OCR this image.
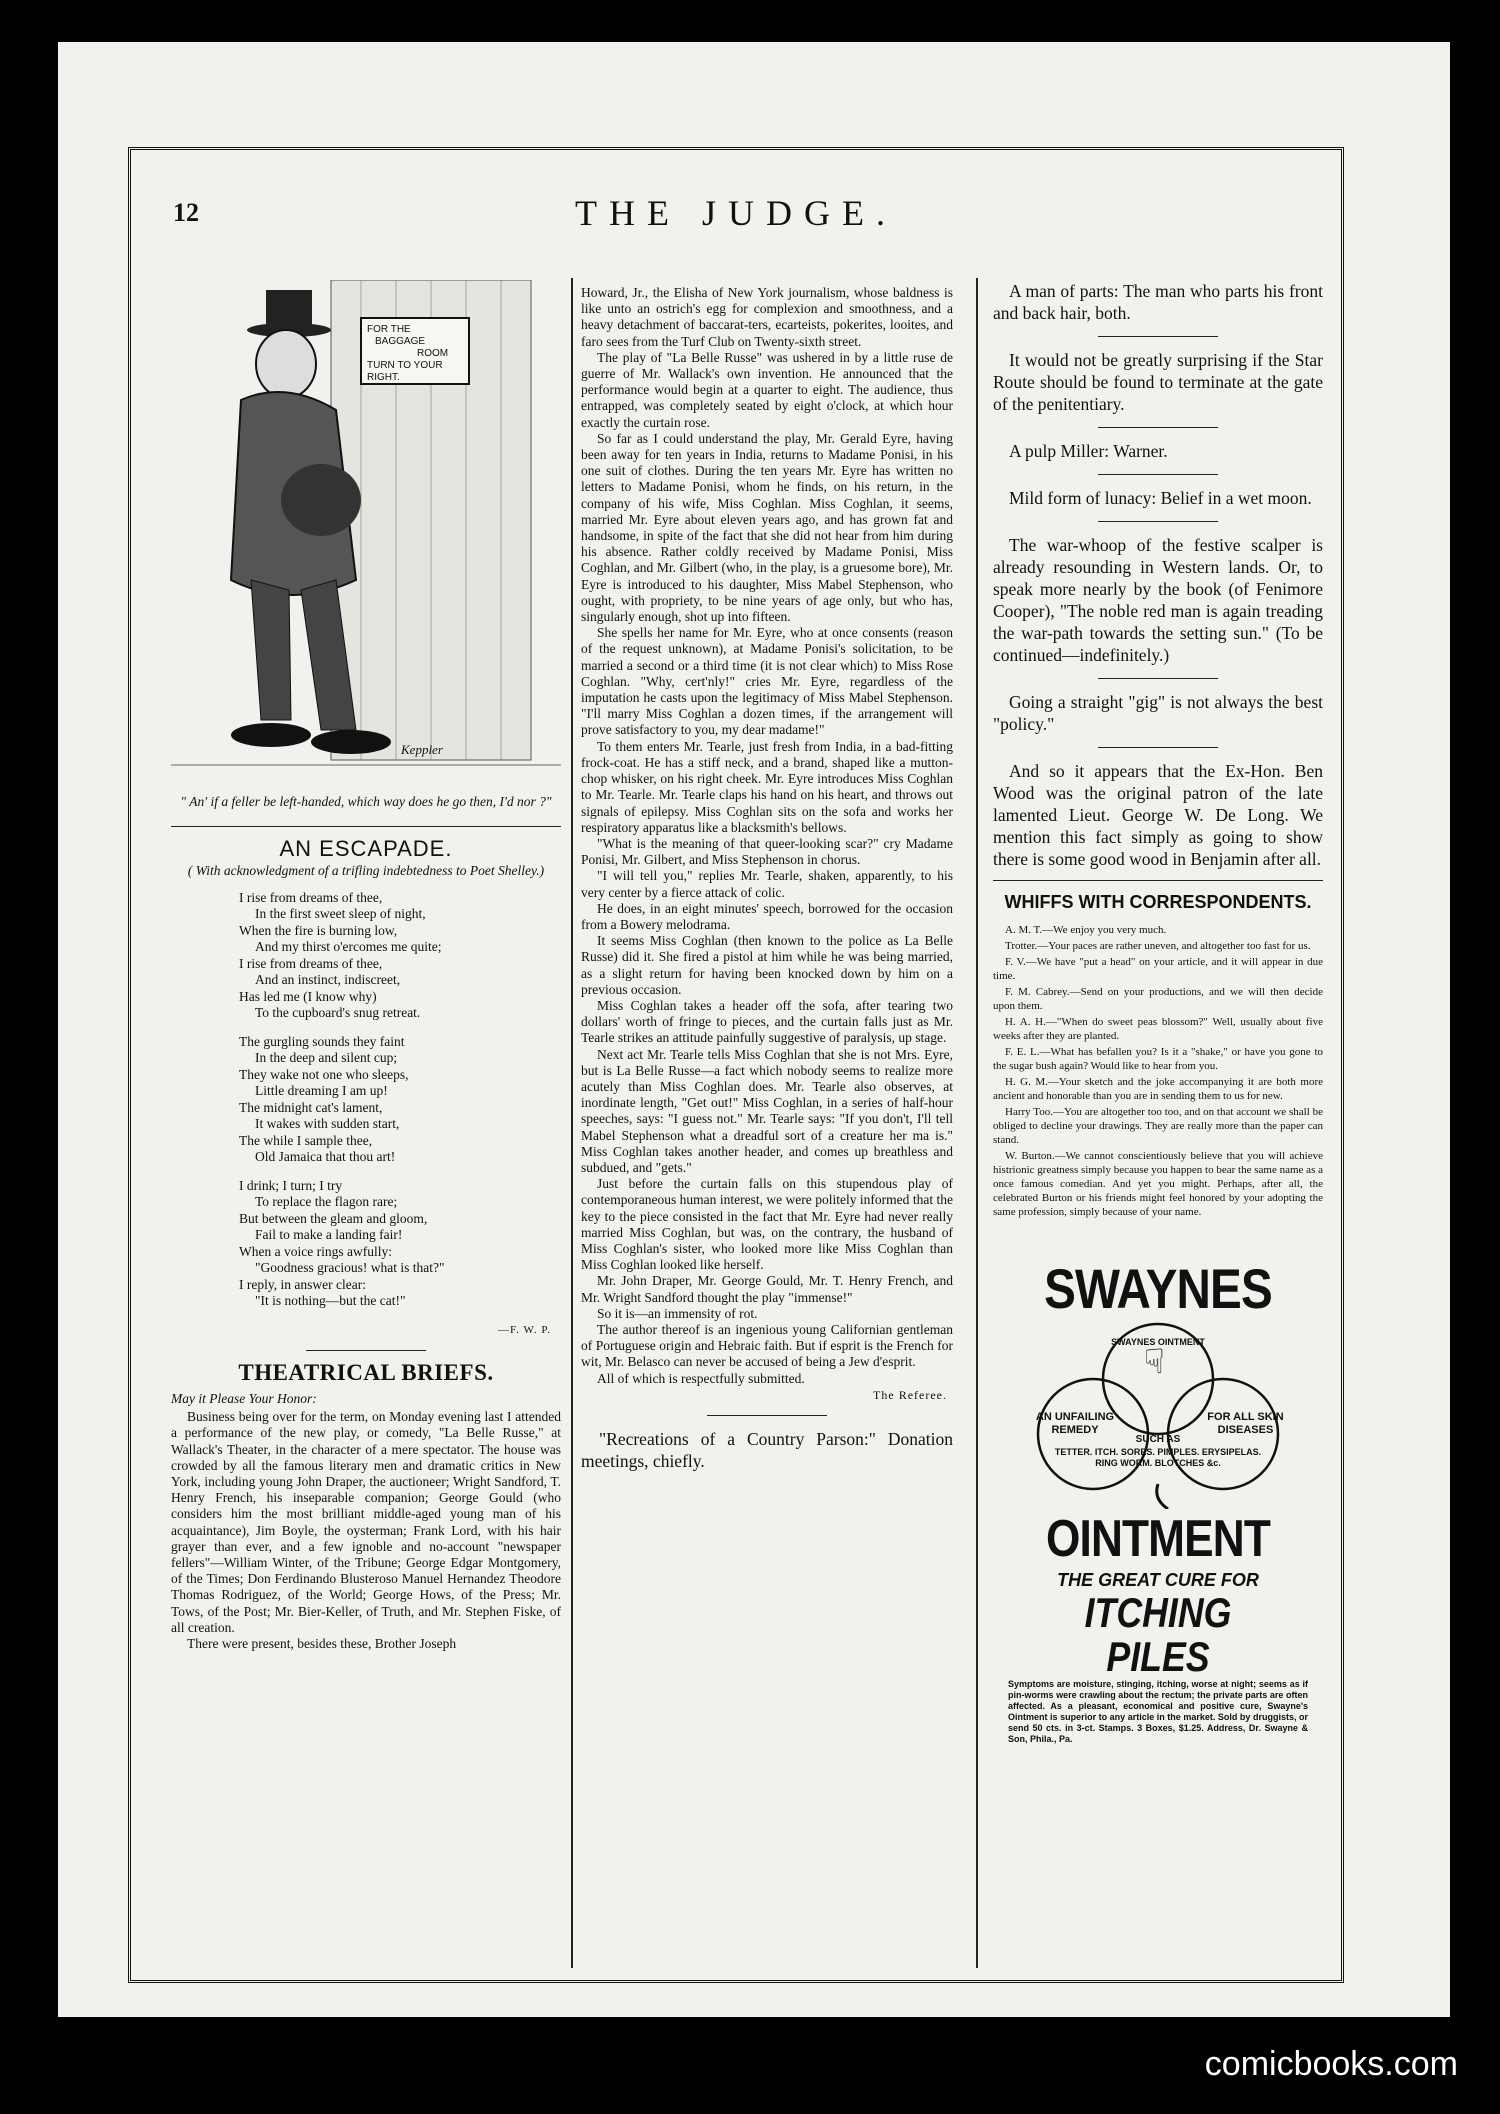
12	THE JUDGE.
FOR THE
BAGGAGE
ROOM
TURN TO YOUR
RIGHT.
Keppler
" An' if a feller be left-handed, which way does he go then, I'd nor ?"
AN ESCAPADE.
( With acknowledgment of a trifling indebtedness to Poet Shelley.)
I rise from dreams of thee,
In the first sweet sleep of night,
When the fire is burning low,
And my thirst o'ercomes me quite;
I rise from dreams of thee,
And an instinct, indiscreet,
Has led me (I know why)
To the cupboard's snug retreat.
The gurgling sounds they faint
In the deep and silent cup;
They wake not one who sleeps,
Little dreaming I am up!
The midnight cat's lament,
It wakes with sudden start,
The while I sample thee,
Old Jamaica that thou art!
I drink; I turn; I try
To replace the flagon rare;
But between the gleam and gloom,
Fail to make a landing fair!
When a voice rings awfully:
"Goodness gracious! what is that?"
I reply, in answer clear:
"It is nothing—but the cat!"
—F. W. P.
THEATRICAL BRIEFS.
May it Please Your Honor:

Business being over for the term, on Monday evening last I attended a performance of the new play, or comedy, "La Belle Russe," at Wallack's Theater, in the character of a mere spectator. The house was crowded by all the famous literary men and dramatic critics in New York, including young John Draper, the auctioneer; Wright Sandford, T. Henry French, his inseparable companion; George Gould (who considers him the most brilliant middle-aged young man of his acquaintance), Jim Boyle, the oysterman; Frank Lord, with his hair grayer than ever, and a few ignoble and no-account "newspaper fellers"—William Winter, of the Tribune; George Edgar Montgomery, of the Times; Don Ferdinando Blusteroso Manuel Hernandez Theodore Thomas Rodriguez, of the World; George Hows, of the Press; Mr. Tows, of the Post; Mr. Bier-Keller, of Truth, and Mr. Stephen Fiske, of all creation.

There were present, besides these, Brother Joseph

Howard, Jr., the Elisha of New York journalism, whose baldness is like unto an ostrich's egg for complexion and smoothness, and a heavy detachment of baccarat-ters, ecarteists, pokerites, looites, and faro sees from the Turf Club on Twenty-sixth street.

The play of "La Belle Russe" was ushered in by a little ruse de guerre of Mr. Wallack's own invention. He announced that the performance would begin at a quarter to eight. The audience, thus entrapped, was completely seated by eight o'clock, at which hour exactly the curtain rose.

So far as I could understand the play, Mr. Gerald Eyre, having been away for ten years in India, returns to Madame Ponisi, in his one suit of clothes. During the ten years Mr. Eyre has written no letters to Madame Ponisi, whom he finds, on his return, in the company of his wife, Miss Coghlan. Miss Coghlan, it seems, married Mr. Eyre about eleven years ago, and has grown fat and handsome, in spite of the fact that she did not hear from him during his absence. Rather coldly received by Madame Ponisi, Miss Coghlan, and Mr. Gilbert (who, in the play, is a gruesome bore), Mr. Eyre is introduced to his daughter, Miss Mabel Stephenson, who ought, with propriety, to be nine years of age only, but who has, singularly enough, shot up into fifteen.

She spells her name for Mr. Eyre, who at once consents (reason of the request unknown), at Madame Ponisi's solicitation, to be married a second or a third time (it is not clear which) to Miss Rose Coghlan. "Why, cert'nly!" cries Mr. Eyre, regardless of the imputation he casts upon the legitimacy of Miss Mabel Stephenson. "I'll marry Miss Coghlan a dozen times, if the arrangement will prove satisfactory to you, my dear madame!"

To them enters Mr. Tearle, just fresh from India, in a bad-fitting frock-coat. He has a stiff neck, and a brand, shaped like a mutton-chop whisker, on his right cheek. Mr. Eyre introduces Miss Coghlan to Mr. Tearle. Mr. Tearle claps his hand on his heart, and throws out signals of epilepsy. Miss Coghlan sits on the sofa and works her respiratory apparatus like a blacksmith's bellows.

"What is the meaning of that queer-looking scar?" cry Madame Ponisi, Mr. Gilbert, and Miss Stephenson in chorus.

"I will tell you," replies Mr. Tearle, shaken, apparently, to his very center by a fierce attack of colic.

He does, in an eight minutes' speech, borrowed for the occasion from a Bowery melodrama.

It seems Miss Coghlan (then known to the police as La Belle Russe) did it. She fired a pistol at him while he was being married, as a slight return for having been knocked down by him on a previous occasion.

Miss Coghlan takes a header off the sofa, after tearing two dollars' worth of fringe to pieces, and the curtain falls just as Mr. Tearle strikes an attitude painfully suggestive of paralysis, up stage.

Next act Mr. Tearle tells Miss Coghlan that she is not Mrs. Eyre, but is La Belle Russe—a fact which nobody seems to realize more acutely than Miss Coghlan does. Mr. Tearle also observes, at inordinate length, "Get out!" Miss Coghlan, in a series of half-hour speeches, says: "I guess not." Mr. Tearle says: "If you don't, I'll tell Mabel Stephenson what a dreadful sort of a creature her ma is." Miss Coghlan takes another header, and comes up breathless and subdued, and "gets."

Just before the curtain falls on this stupendous play of contemporaneous human interest, we were politely informed that the key to the piece consisted in the fact that Mr. Eyre had never really married Miss Coghlan, but was, on the contrary, the husband of Miss Coghlan's sister, who looked more like Miss Coghlan than Miss Coghlan looked like herself.

Mr. John Draper, Mr. George Gould, Mr. T. Henry French, and Mr. Wright Sandford thought the play "immense!"

So it is—an immensity of rot.

The author thereof is an ingenious young Californian gentleman of Portuguese origin and Hebraic faith. But if esprit is the French for wit, Mr. Belasco can never be accused of being a Jew d'esprit.

All of which is respectfully submitted.

The Referee.
"Recreations of a Country Parson:" Donation meetings, chiefly.

A man of parts: The man who parts his front and back hair, both.

It would not be greatly surprising if the Star Route should be found to terminate at the gate of the penitentiary.

A pulp Miller: Warner.

Mild form of lunacy: Belief in a wet moon.

The war-whoop of the festive scalper is already resounding in Western lands. Or, to speak more nearly by the book (of Fenimore Cooper), "The noble red man is again treading the war-path towards the setting sun." (To be continued—indefinitely.)

Going a straight "gig" is not always the best "policy."

And so it appears that the Ex-Hon. Ben Wood was the original patron of the late lamented Lieut. George W. De Long. We mention this fact simply as going to show there is some good wood in Benjamin after all.

WHIFFS WITH CORRESPONDENTS.

A. M. T.—We enjoy you very much.

Trotter.—Your paces are rather uneven, and altogether too fast for us.

F. V.—We have "put a head" on your article, and it will appear in due time.

F. M. Cabrey.—Send on your productions, and we will then decide upon them.

H. A. H.—"When do sweet peas blossom?" Well, usually about five weeks after they are planted.

F. E. L.—What has befallen you? Is it a "shake," or have you gone to the sugar bush again? Would like to hear from you.

H. G. M.—Your sketch and the joke accompanying it are both more ancient and honorable than you are in sending them to us for new.

Harry Too.—You are altogether too too, and on that account we shall be obliged to decline your drawings. They are really more than the paper can stand.

W. Burton.—We cannot conscientiously believe that you will achieve histrionic greatness simply because you happen to bear the same name as a once famous comedian. And yet you might. Perhaps, after all, the celebrated Burton or his friends might feel honored by your adopting the same profession, simply because of your name.

SWAYNES
SWAYNES OINTMENT
☟
AN UNFAILING
REMEDY
FOR ALL SKIN
DISEASES
SUCH AS
TETTER. ITCH. SORES. PIMPLES. ERYSIPELAS. RING WORM. BLOTCHES &c.
OINTMENT
THE GREAT CURE FOR
ITCHING PILES
Symptoms are moisture, stinging, itching, worse at night; seems as if pin-worms were crawling about the rectum; the private parts are often affected. As a pleasant, economical and positive cure, Swayne's Ointment is superior to any article in the market. Sold by druggists, or send 50 cts. in 3-ct. Stamps. 3 Boxes, $1.25. Address, Dr. Swayne & Son, Phila., Pa.
comicbooks.com
